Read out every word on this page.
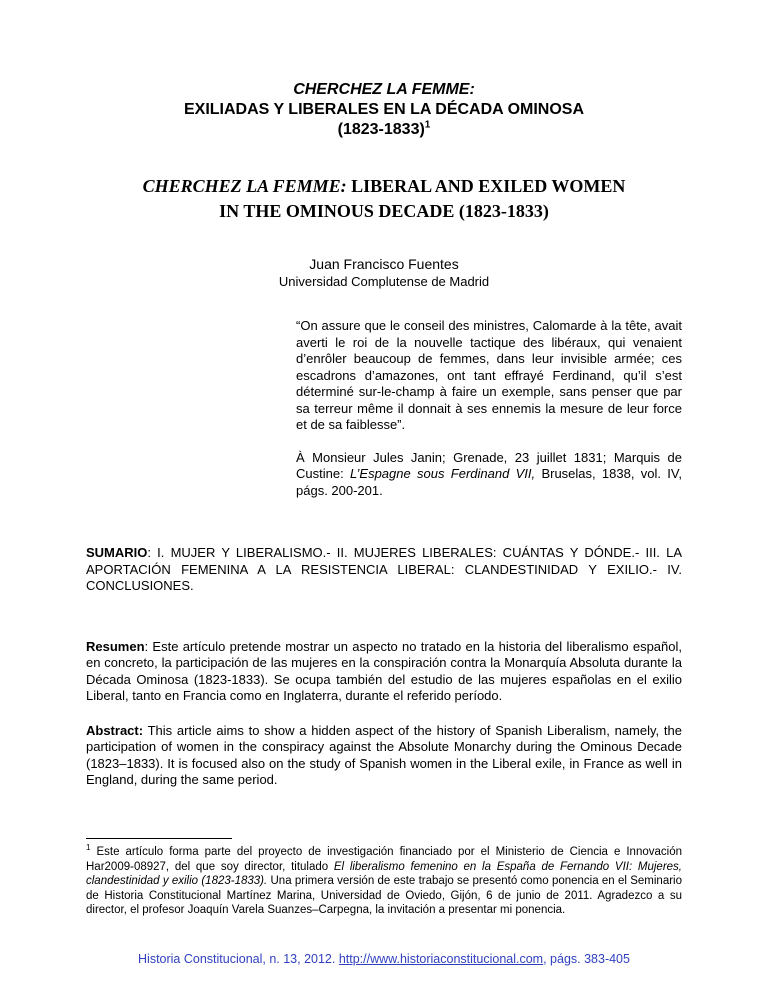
CHERCHEZ LA FEMME:
EXILIADAS Y LIBERALES EN LA DÉCADA OMINOSA
(1823-1833)$^1$
CHERCHEZ LA FEMME: LIBERAL AND EXILED WOMEN IN THE OMINOUS DECADE (1823-1833)
Juan Francisco Fuentes
Universidad Complutense de Madrid
“On assure que le conseil des ministres, Calomarde à la tête, avait averti le roi de la nouvelle tactique des libéraux, qui venaient d’enrôler beaucoup de femmes, dans leur invisible armée; ces escadrons d’amazones, ont tant effrayé Ferdinand, qu’il s’est déterminé sur-le-champ à faire un exemple, sans penser que par sa terreur même il donnait à ses ennemis la mesure de leur force et de sa faiblesse”.
À Monsieur Jules Janin; Grenade, 23 juillet 1831; Marquis de Custine: L’Espagne sous Ferdinand VII, Bruselas, 1838, vol. IV, págs. 200-201.

SUMARIO: I. MUJER Y LIBERALISMO.- II. MUJERES LIBERALES: CUÁNTAS Y DÓNDE.- III. LA APORTACIÓN FEMENINA A LA RESISTENCIA LIBERAL: CLANDESTINIDAD Y EXILIO.- IV. CONCLUSIONES.

Resumen: Este artículo pretende mostrar un aspecto no tratado en la historia del liberalismo español, en concreto, la participación de las mujeres en la conspiración contra la Monarquía Absoluta durante la Década Ominosa (1823-1833). Se ocupa también del estudio de las mujeres españolas en el exilio Liberal, tanto en Francia como en Inglaterra, durante el referido período.

Abstract: This article aims to show a hidden aspect of the history of Spanish Liberalism, namely, the participation of women in the conspiracy against the Absolute Monarchy during the Ominous Decade (1823–1833). It is focused also on the study of Spanish women in the Liberal exile, in France as well in England, during the same period.

$^1$ Este artículo forma parte del proyecto de investigación financiado por el Ministerio de Ciencia e Innovación Har2009-08927, del que soy director, titulado El liberalismo femenino en la España de Fernando VII: Mujeres, clandestinidad y exilio (1823-1833). Una primera versión de este trabajo se presentó como ponencia en el Seminario de Historia Constitucional Martínez Marina, Universidad de Oviedo, Gijón, 6 de junio de 2011. Agradezco a su director, el profesor Joaquín Varela Suanzes–Carpegna, la invitación a presentar mi ponencia.

Historia Constitucional, n. 13, 2012. http://www.historiaconstitucional.com, págs. 383-405
